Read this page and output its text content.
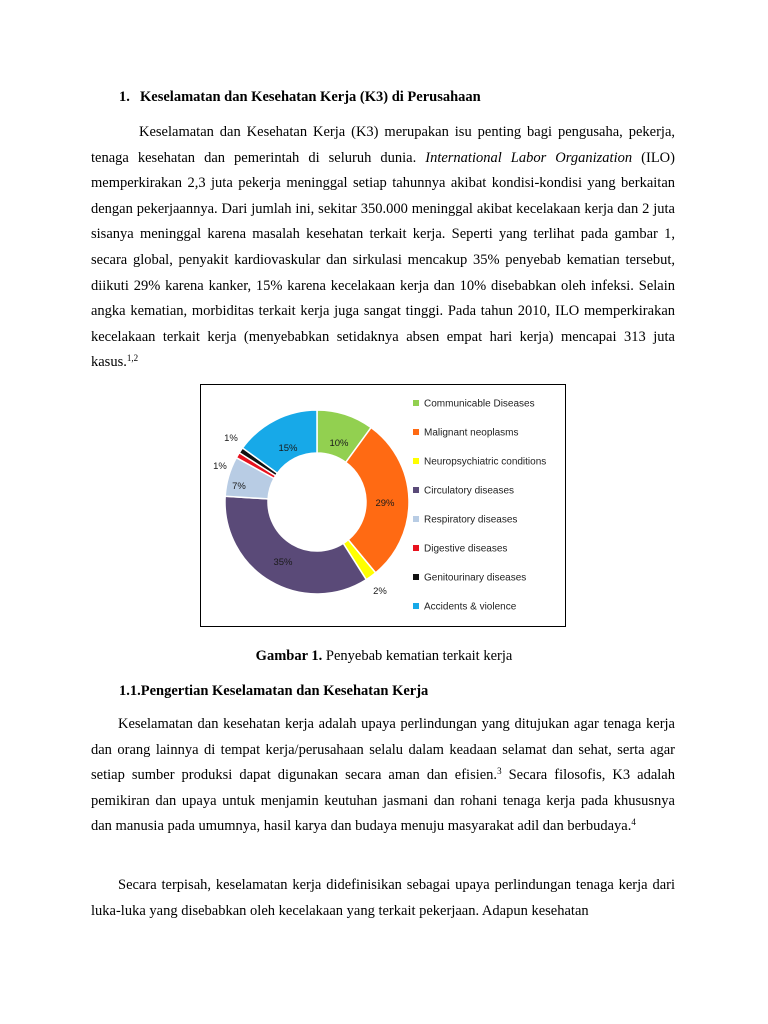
1. Keselamatan dan Kesehatan Kerja (K3) di Perusahaan

Keselamatan dan Kesehatan Kerja (K3) merupakan isu penting bagi pengusaha, pekerja, tenaga kesehatan dan pemerintah di seluruh dunia. International Labor Organization (ILO) memperkirakan 2,3 juta pekerja meninggal setiap tahunnya akibat kondisi-kondisi yang berkaitan dengan pekerjaannya. Dari jumlah ini, sekitar 350.000 meninggal akibat kecelakaan kerja dan 2 juta sisanya meninggal karena masalah kesehatan terkait kerja. Seperti yang terlihat pada gambar 1, secara global, penyakit kardiovaskular dan sirkulasi mencakup 35% penyebab kematian tersebut, diikuti 29% karena kanker, 15% karena kecelakaan kerja dan 10% disebabkan oleh infeksi. Selain angka kematian, morbiditas terkait kerja juga sangat tinggi. Pada tahun 2010, ILO memperkirakan kecelakaan terkait kerja (menyebabkan setidaknya absen empat hari kerja) mencapai 313 juta kasus.$^{1,2}$

10%
29%
2%
35%
7%
1%
1%
15%
Communicable Diseases
Malignant neoplasms
Neuropsychiatric conditions
Circulatory diseases
Respiratory diseases
Digestive diseases
Genitourinary diseases
Accidents & violence
Gambar 1. Penyebab kematian terkait kerja
1.1.Pengertian Keselamatan dan Kesehatan Kerja

Keselamatan dan kesehatan kerja adalah upaya perlindungan yang ditujukan agar tenaga kerja dan orang lainnya di tempat kerja/perusahaan selalu dalam keadaan selamat dan sehat, serta agar setiap sumber produksi dapat digunakan secara aman dan efisien.$^3$ Secara filosofis, K3 adalah pemikiran dan upaya untuk menjamin keutuhan jasmani dan rohani tenaga kerja pada khususnya dan manusia pada umumnya, hasil karya dan budaya menuju masyarakat adil dan berbudaya.$^4$

Secara terpisah, keselamatan kerja didefinisikan sebagai upaya perlindungan tenaga kerja dari luka-luka yang disebabkan oleh kecelakaan yang terkait pekerjaan. Adapun kesehatan
